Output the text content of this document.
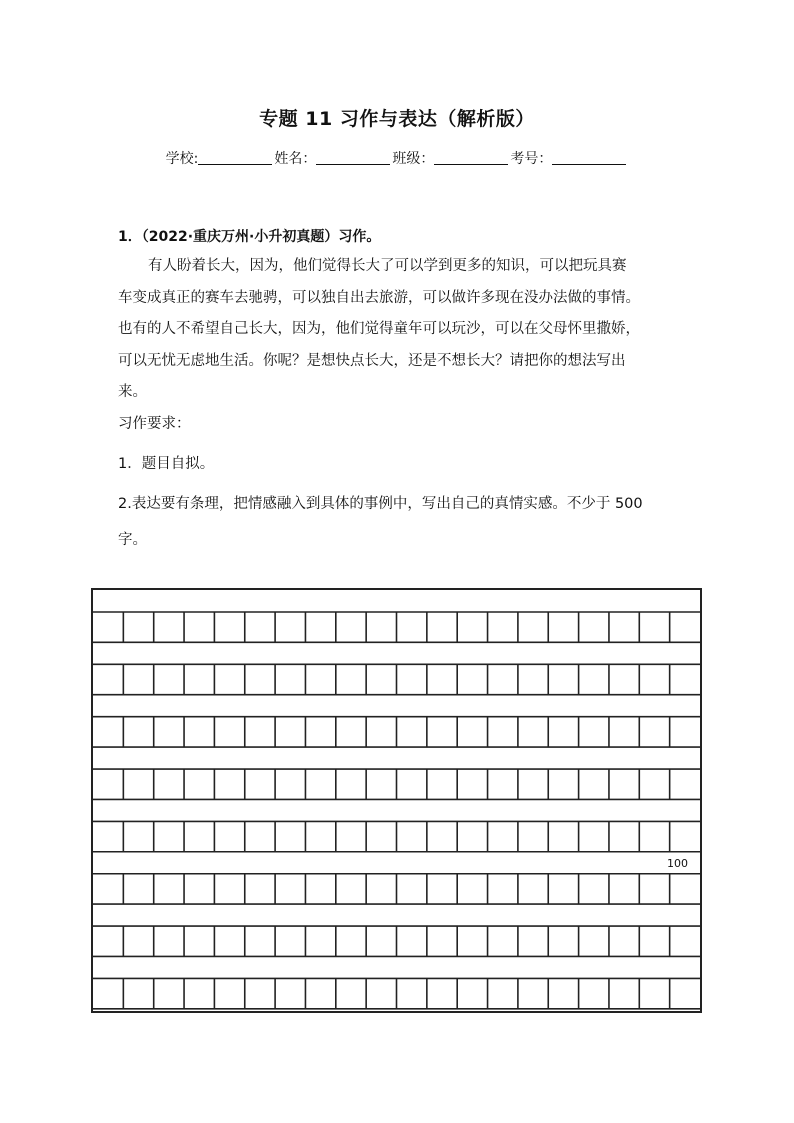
专题 11 习作与表达（解析版）
学校:	姓名：	班级：	考号：
1．（2022·重庆万州·小升初真题）习作。
有人盼着长大，因为，他们觉得长大了可以学到更多的知识，可以把玩具赛
车变成真正的赛车去驰骋，可以独自出去旅游，可以做许多现在没办法做的事情。
也有的人不希望自己长大，因为，他们觉得童年可以玩沙，可以在父母怀里撒娇，
可以无忧无虑地生活。你呢？是想快点长大，还是不想长大？请把你的想法写出
来。
习作要求：
1．题目自拟。
2.表达要有条理，把情感融入到具体的事例中，写出自己的真情实感。不少于 500
字。
100
